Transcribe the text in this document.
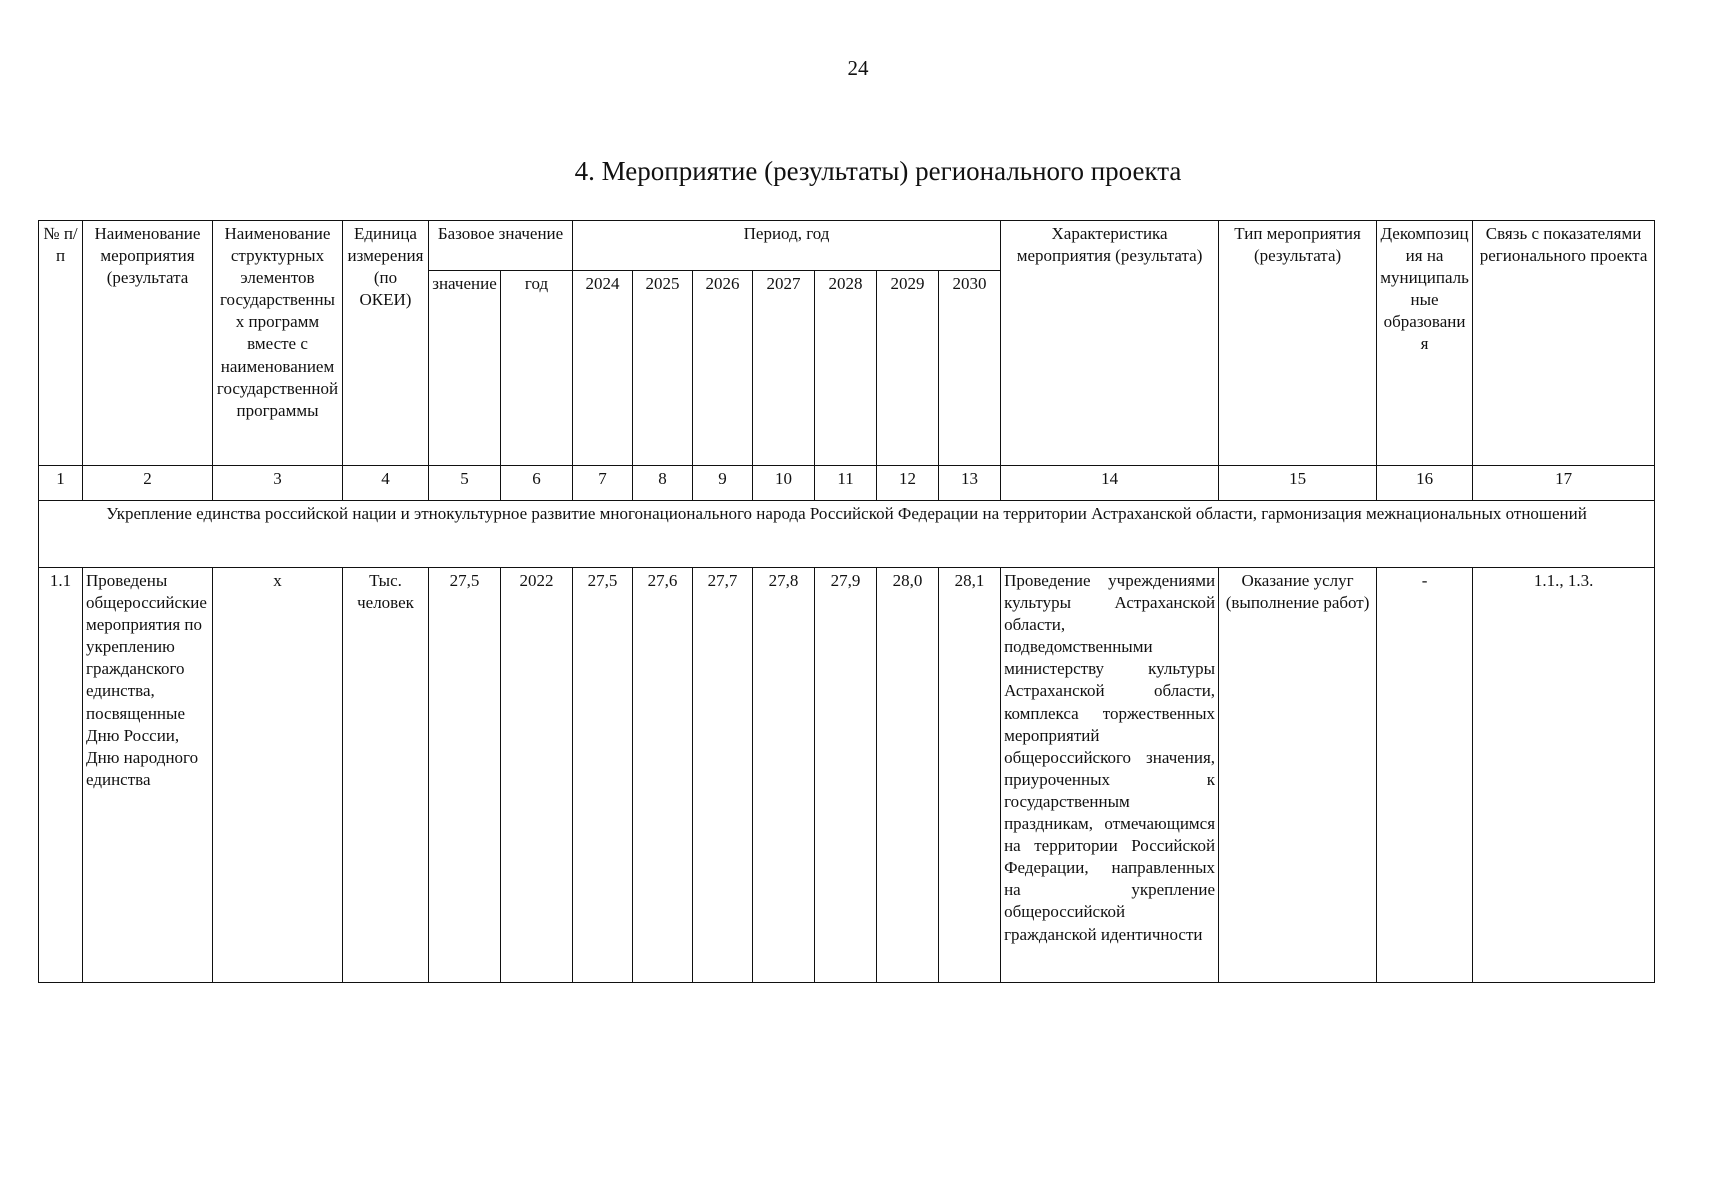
24
4. Мероприятие (результаты) регионального проекта
№ п/п	Наименование мероприятия (результата	Наименование структурных элементов государственных программ вместе с наименованием государственной программы	Единица измерения (по ОКЕИ)	Базовое значение		Период, год							Характеристика мероприятия (результата)	Тип мероприятия (результата)	Декомпозиция на муниципальные образования	Связь с показателями регионального проекта
				значение	год	2024	2025	2026	2027	2028	2029	2030				
1	2	3	4	5	6	7	8	9	10	11	12	13	14	15	16	17
Укрепление единства российской нации и этнокультурное развитие многонационального народа Российской Федерации на территории Астраханской области, гармонизация межнациональных отношений																
1.1	Проведены общероссийские мероприятия по укреплению гражданского единства, посвященные Дню России, Дню народного единства	х	Тыс. человек	27,5	2022	27,5	27,6	27,7	27,8	27,9	28,0	28,1	Проведение учреждениями культуры Астраханской области, подведомственными министерству культуры Астраханской области, комплекса торжественных мероприятий общероссийского значения, приуроченных к государственным праздникам, отмечающимся на территории Российской Федерации, направленных на укрепление общероссийской гражданской идентичности	Оказание услуг (выполнение работ)	-	1.1., 1.3.
